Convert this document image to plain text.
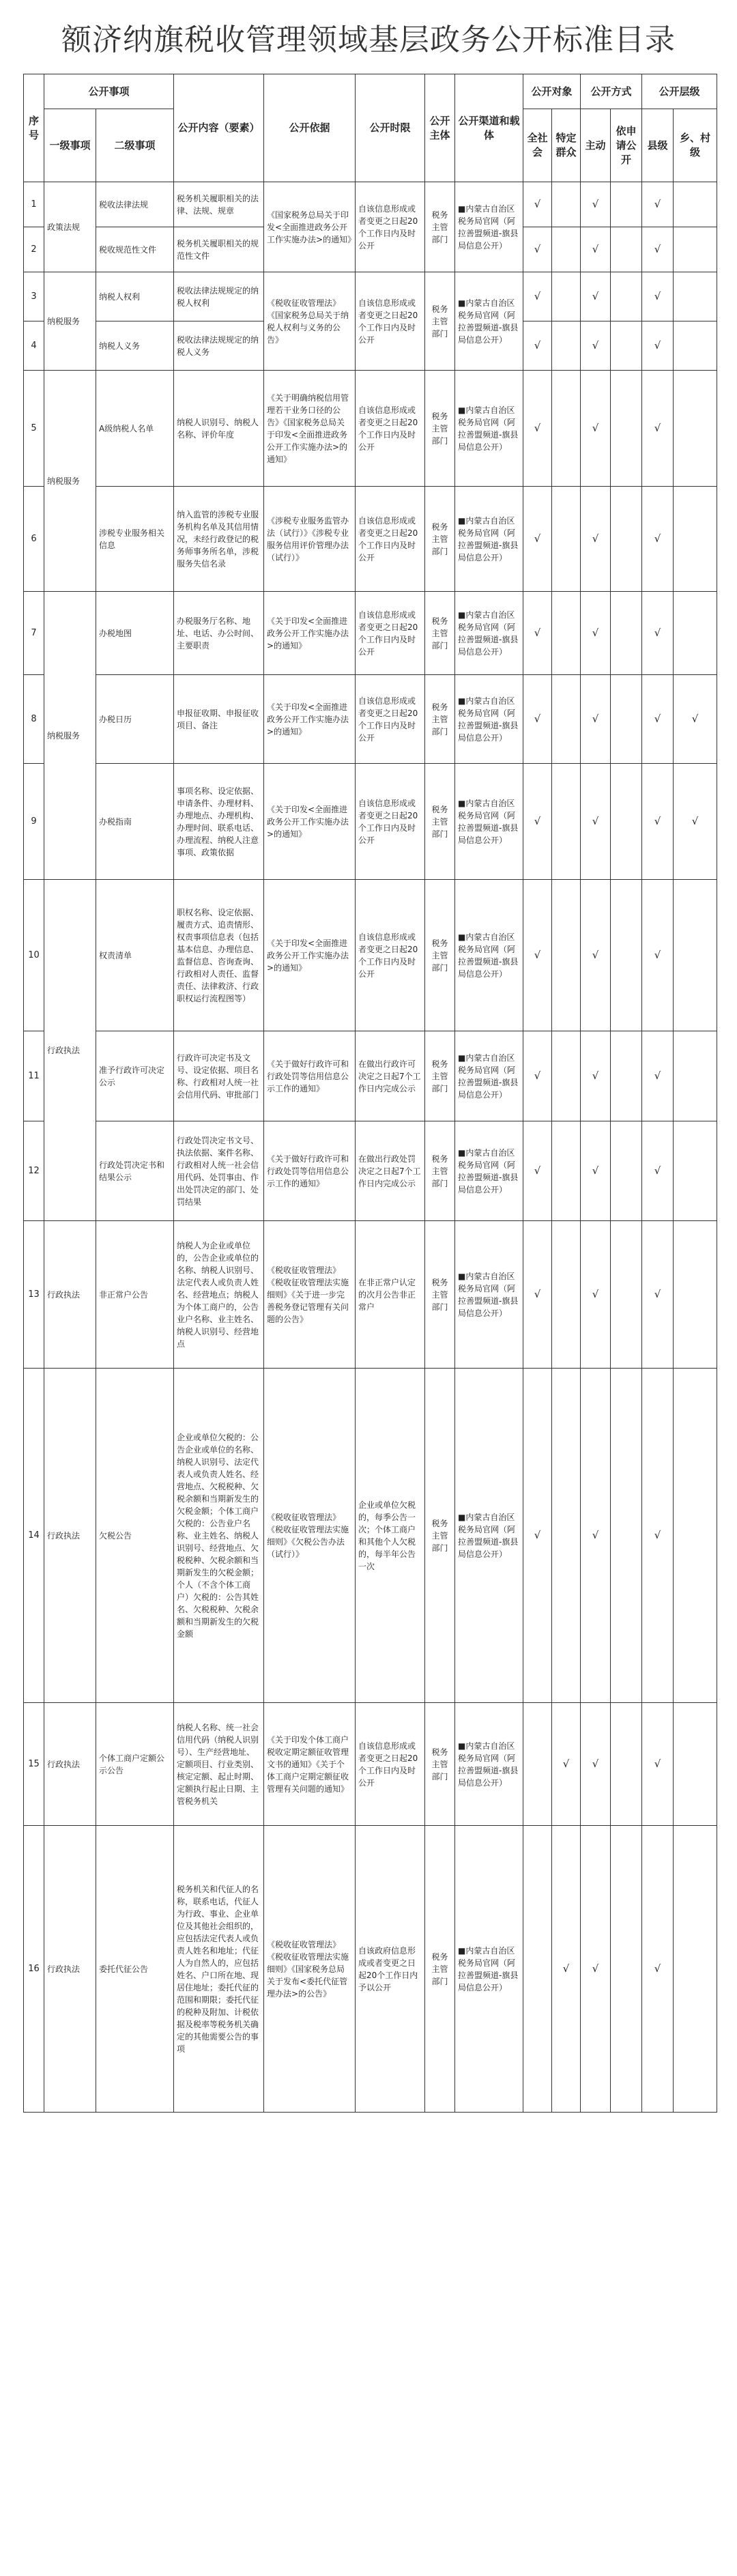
额济纳旗税收管理领域基层政务公开标准目录
序号	公开事项		公开内容（要素）	公开依据	公开时限	公开主体	公开渠道和载体	公开对象		公开方式		公开层级	
	一级事项	二级事项						全社会	特定群众	主动	依申请公开	县级	乡、村级
1	政策法规	税收法律法规	税务机关履职相关的法律、法规、规章	《国家税务总局关于印发<全面推进政务公开工作实施办法>的通知》	自该信息形成或者变更之日起20个工作日内及时公开	税务主管部门	■内蒙古自治区税务局官网（阿拉善盟频道-旗县局信息公开）	√		√		√	
2		税收规范性文件	税务机关履职相关的规范性文件					√		√		√	
3	纳税服务	纳税人权利	税收法律法规规定的纳税人权利	《税收征收管理法》《国家税务总局关于纳税人权利与义务的公告》	自该信息形成或者变更之日起20个工作日内及时公开	税务主管部门	■内蒙古自治区税务局官网（阿拉善盟频道-旗县局信息公开）	√		√		√	
4		纳税人义务	税收法律法规规定的纳税人义务					√		√		√	
5	纳税服务	A级纳税人名单	纳税人识别号、纳税人名称、评价年度	《关于明确纳税信用管理若干业务口径的公告》《国家税务总局关于印发<全面推进政务公开工作实施办法>的通知》	自该信息形成或者变更之日起20个工作日内及时公开	税务主管部门	■内蒙古自治区税务局官网（阿拉善盟频道-旗县局信息公开）	√		√		√	
6		涉税专业服务相关信息	纳入监管的涉税专业服务机构名单及其信用情况，未经行政登记的税务师事务所名单，涉税服务失信名录	《涉税专业服务监管办法（试行）》《涉税专业服务信用评价管理办法（试行）》	自该信息形成或者变更之日起20个工作日内及时公开	税务主管部门	■内蒙古自治区税务局官网（阿拉善盟频道-旗县局信息公开）	√		√		√	
7	纳税服务	办税地图	办税服务厅名称、地址、电话、办公时间、主要职责	《关于印发<全面推进政务公开工作实施办法>的通知》	自该信息形成或者变更之日起20个工作日内及时公开	税务主管部门	■内蒙古自治区税务局官网（阿拉善盟频道-旗县局信息公开）	√		√		√	
8		办税日历	申报征收期、申报征收项目、备注	《关于印发<全面推进政务公开工作实施办法>的通知》	自该信息形成或者变更之日起20个工作日内及时公开	税务主管部门	■内蒙古自治区税务局官网（阿拉善盟频道-旗县局信息公开）	√		√		√	√
9		办税指南	事项名称、设定依据、申请条件、办理材料、办理地点、办理机构、办理时间、联系电话、办理流程、纳税人注意事项、政策依据	《关于印发<全面推进政务公开工作实施办法>的通知》	自该信息形成或者变更之日起20个工作日内及时公开	税务主管部门	■内蒙古自治区税务局官网（阿拉善盟频道-旗县局信息公开）	√		√		√	√
10	行政执法	权责清单	职权名称、设定依据、履责方式、追责情形、权责事项信息表（包括基本信息、办理信息、监督信息、咨询查询、行政相对人责任、监督责任、法律救济、行政职权运行流程图等）	《关于印发<全面推进政务公开工作实施办法>的通知》	自该信息形成或者变更之日起20个工作日内及时公开	税务主管部门	■内蒙古自治区税务局官网（阿拉善盟频道-旗县局信息公开）	√		√		√	
11		准予行政许可决定公示	行政许可决定书及文号、设定依据、项目名称、行政相对人统一社会信用代码、审批部门	《关于做好行政许可和行政处罚等信用信息公示工作的通知》	在做出行政许可决定之日起7个工作日内完成公示	税务主管部门	■内蒙古自治区税务局官网（阿拉善盟频道-旗县局信息公开）	√		√		√	
12		行政处罚决定书和结果公示	行政处罚决定书文号、执法依据、案件名称、行政相对人统一社会信用代码、处罚事由、作出处罚决定的部门、处罚结果	《关于做好行政许可和行政处罚等信用信息公示工作的通知》	在做出行政处罚决定之日起7个工作日内完成公示	税务主管部门	■内蒙古自治区税务局官网（阿拉善盟频道-旗县局信息公开）	√		√		√	
13	行政执法	非正常户公告	纳税人为企业或单位的，公告企业或单位的名称、纳税人识别号、法定代表人或负责人姓名、经营地点；纳税人为个体工商户的，公告业户名称、业主姓名、纳税人识别号、经营地点	《税收征收管理法》《税收征收管理法实施细则》《关于进一步完善税务登记管理有关问题的公告》	在非正常户认定的次月公告非正常户	税务主管部门	■内蒙古自治区税务局官网（阿拉善盟频道-旗县局信息公开）	√		√		√	
14	行政执法	欠税公告	企业或单位欠税的：公告企业或单位的名称、纳税人识别号、法定代表人或负责人姓名、经营地点、欠税税种、欠税余额和当期新发生的欠税金额；个体工商户欠税的：公告业户名称、业主姓名、纳税人识别号、经营地点、欠税税种、欠税余额和当期新发生的欠税金额；个人（不含个体工商户）欠税的：公告其姓名、欠税税种、欠税余额和当期新发生的欠税金额	《税收征收管理法》《税收征收管理法实施细则》《欠税公告办法（试行）》	企业或单位欠税的，每季公告一次；个体工商户和其他个人欠税的，每半年公告一次	税务主管部门	■内蒙古自治区税务局官网（阿拉善盟频道-旗县局信息公开）	√		√		√	
15	行政执法	个体工商户定额公示公告	纳税人名称、统一社会信用代码（纳税人识别号）、生产经营地址、定额项目、行业类别、核定定额、起止时期、定额执行起止日期、主管税务机关	《关于印发个体工商户税收定期定额征收管理文书的通知》《关于个体工商户定期定额征收管理有关问题的通知》	自该信息形成或者变更之日起20个工作日内及时公开	税务主管部门	■内蒙古自治区税务局官网（阿拉善盟频道-旗县局信息公开）		√	√		√	
16	行政执法	委托代征公告	税务机关和代征人的名称，联系电话，代征人为行政、事业、企业单位及其他社会组织的，应包括法定代表人或负责人姓名和地址；代征人为自然人的，应包括姓名、户口所在地、现居住地址；委托代征的范围和期限；委托代征的税种及附加、计税依据及税率等税务机关确定的其他需要公告的事项	《税收征收管理法》《税收征收管理法实施细则》《国家税务总局关于发布<委托代征管理办法>的公告》	自该政府信息形成或者变更之日起20个工作日内予以公开	税务主管部门	■内蒙古自治区税务局官网（阿拉善盟频道-旗县局信息公开）		√	√		√	
